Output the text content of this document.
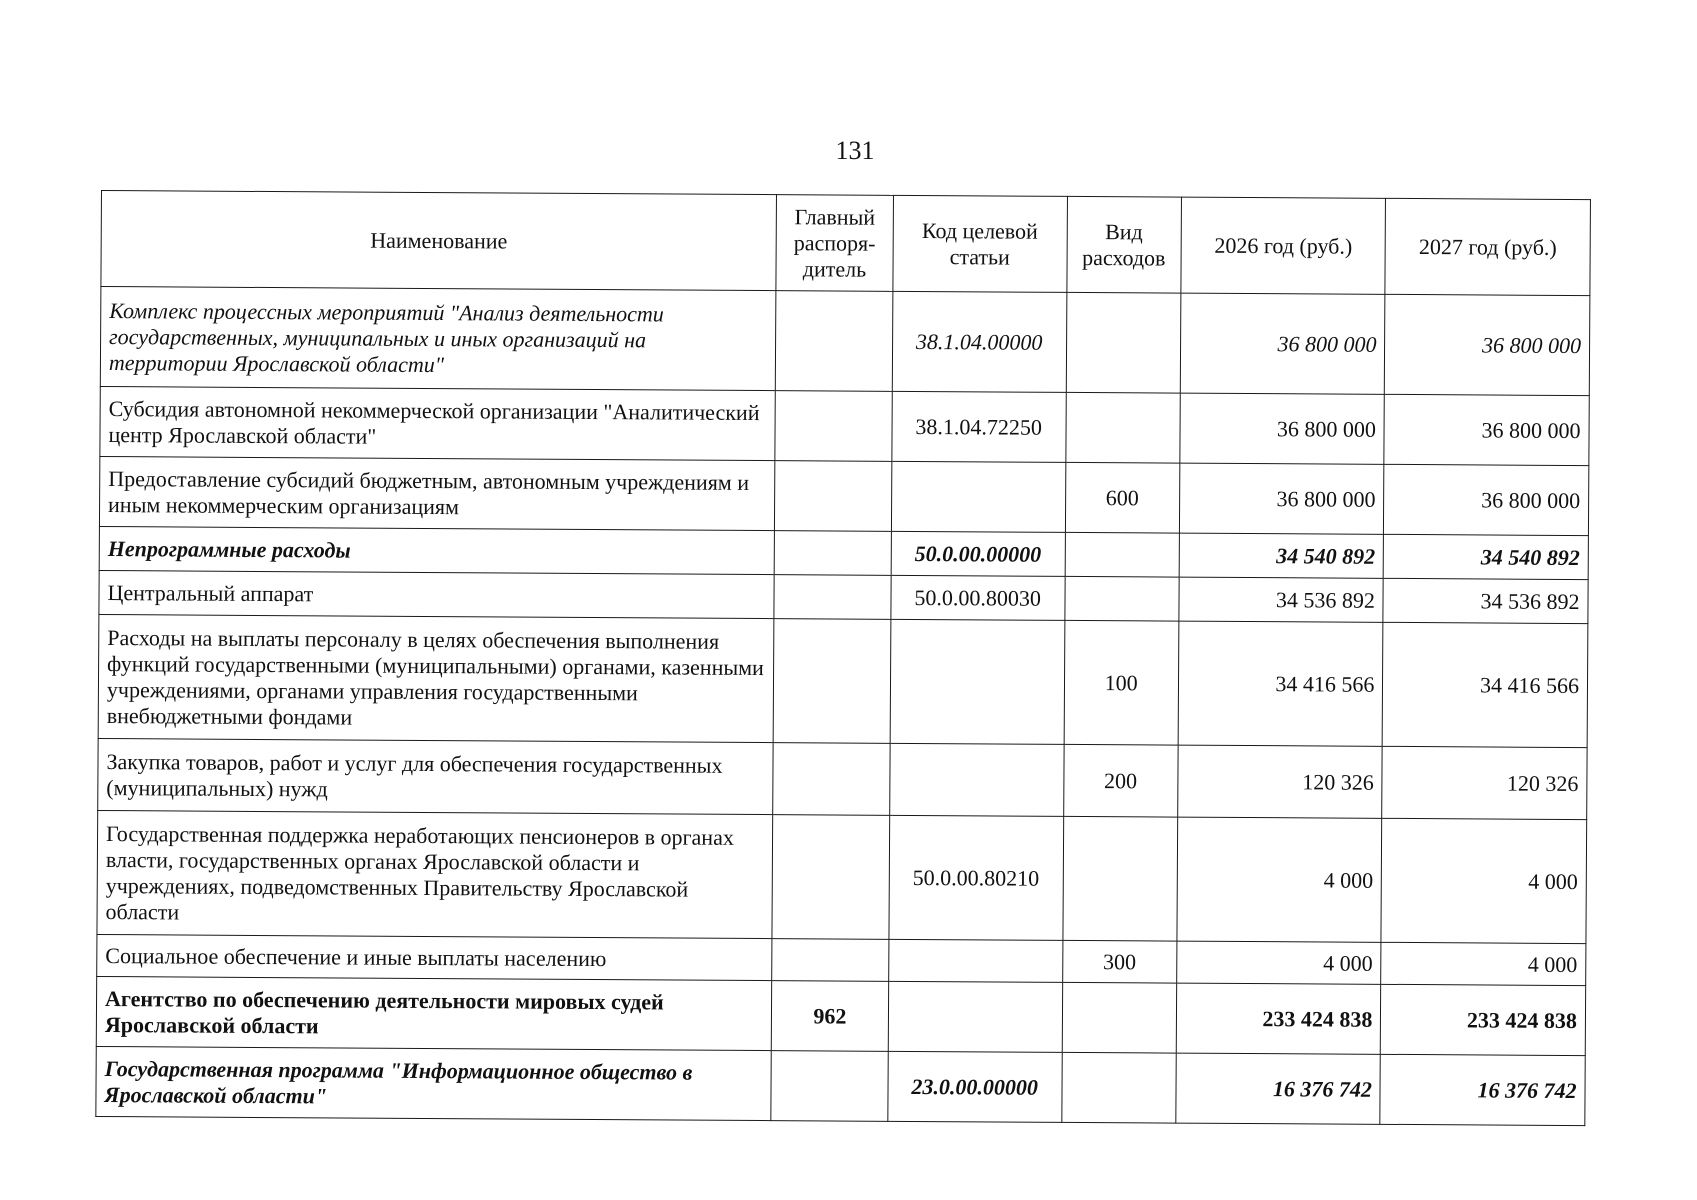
131
Наименование	Главный распоря-дитель	Код целевой статьи	Вид расходов	2026 год (руб.)	2027 год (руб.)
Комплекс процессных мероприятий "Анализ деятельности государственных, муниципальных и иных организаций на территории Ярославской области"		38.1.04.00000		36 800 000	36 800 000
Субсидия автономной некоммерческой организации "Аналитический центр Ярославской области"		38.1.04.72250		36 800 000	36 800 000
Предоставление субсидий бюджетным, автономным учреждениям и иным некоммерческим организациям			600	36 800 000	36 800 000
Непрограммные расходы		50.0.00.00000		34 540 892	34 540 892
Центральный аппарат		50.0.00.80030		34 536 892	34 536 892
Расходы на выплаты персоналу в целях обеспечения выполнения функций государственными (муниципальными) органами, казенными учреждениями, органами управления государственными внебюджетными фондами			100	34 416 566	34 416 566
Закупка товаров, работ и услуг для обеспечения государственных (муниципальных) нужд			200	120 326	120 326
Государственная поддержка неработающих пенсионеров в органах власти, государственных органах Ярославской области и учреждениях, подведомственных Правительству Ярославской области		50.0.00.80210		4 000	4 000
Социальное обеспечение и иные выплаты населению			300	4 000	4 000
Агентство по обеспечению деятельности мировых судей Ярославской области	962			233 424 838	233 424 838
Государственная программа "Информационное общество в Ярославской области"		23.0.00.00000		16 376 742	16 376 742
